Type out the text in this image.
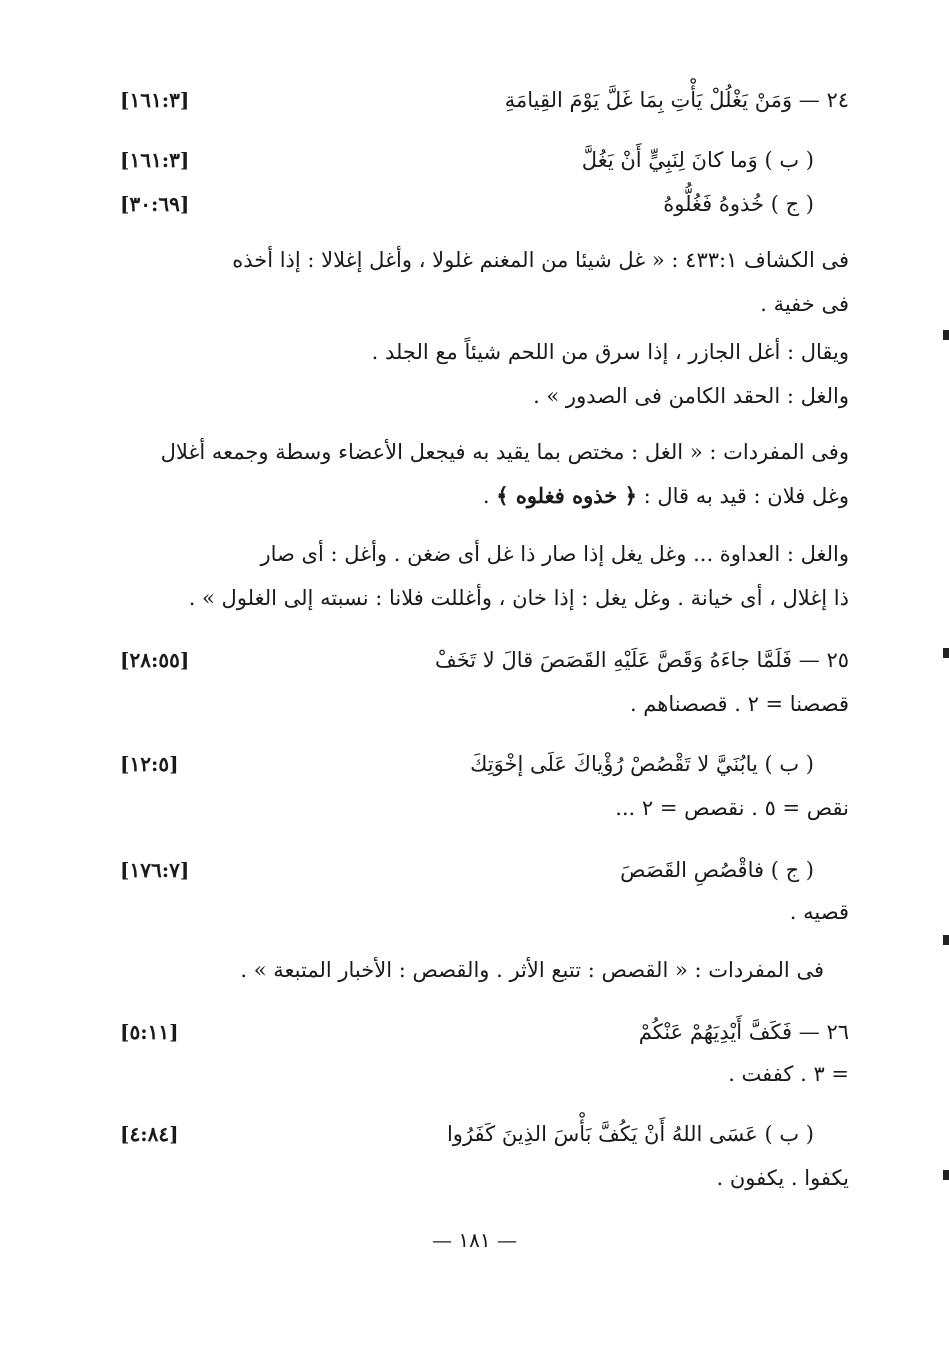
٢٤ — وَمَنْ يَغْلُلْ يَأْتِ بِمَا غَلَّ يَوْمَ القِيامَةِ
[١٦١:٣]
( ب ) وَما كانَ لِنَبِيٍّ أَنْ يَغُلَّ
[١٦١:٣]
( ج ) خُذوهُ فَغُلُّوهُ
[٣٠:٦٩]
فى الكشاف ٤٣٣:١ : « غل شيئا من المغنم غلولا ، وأغل إغلالا : إذا أخذه
فى خفية .
ويقال : أغل الجازر ، إذا سرق من اللحم شيئاً مع الجلد .
والغل : الحقد الكامن فى الصدور » .
وفى المفردات : « الغل : مختص بما يقيد به فيجعل الأعضاء وسطة وجمعه أغلال
وغل فلان : قيد به قال : ﴿ خذوه فغلوه ﴾ .
والغل : العداوة ... وغل يغل إذا صار ذا غل أى ضغن . وأغل : أى صار
ذا إغلال ، أى خيانة . وغل يغل : إذا خان ، وأغللت فلانا : نسبته إلى الغلول » .
٢٥ — فَلَمَّا جاءَهُ وَقَصَّ عَلَيْهِ القَصَصَ قالَ لا تَخَفْ
[٢٨:٥٥]
قصصنا = ٢ . قصصناهم .
( ب ) يابُنَيَّ لا تَقْصُصْ رُؤْياكَ عَلَى إخْوَتِكَ
[١٢:٥]
نقص = ٥ . نقصص = ٢ ...
( ج ) فاقْصُصِ القَصَصَ
[١٧٦:٧]
قصيه .
فى المفردات : « القصص : تتبع الأثر . والقصص : الأخبار المتبعة » .
٢٦ — فَكَفَّ أَيْدِيَهُمْ عَنْكُمْ
[٥:١١]
= ٣ . كففت .
( ب ) عَسَى اللهُ أَنْ يَكُفَّ بَأْسَ الذِينَ كَفَرُوا
[٤:٨٤]
يكفوا . يكفون .
— ١٨١ —
